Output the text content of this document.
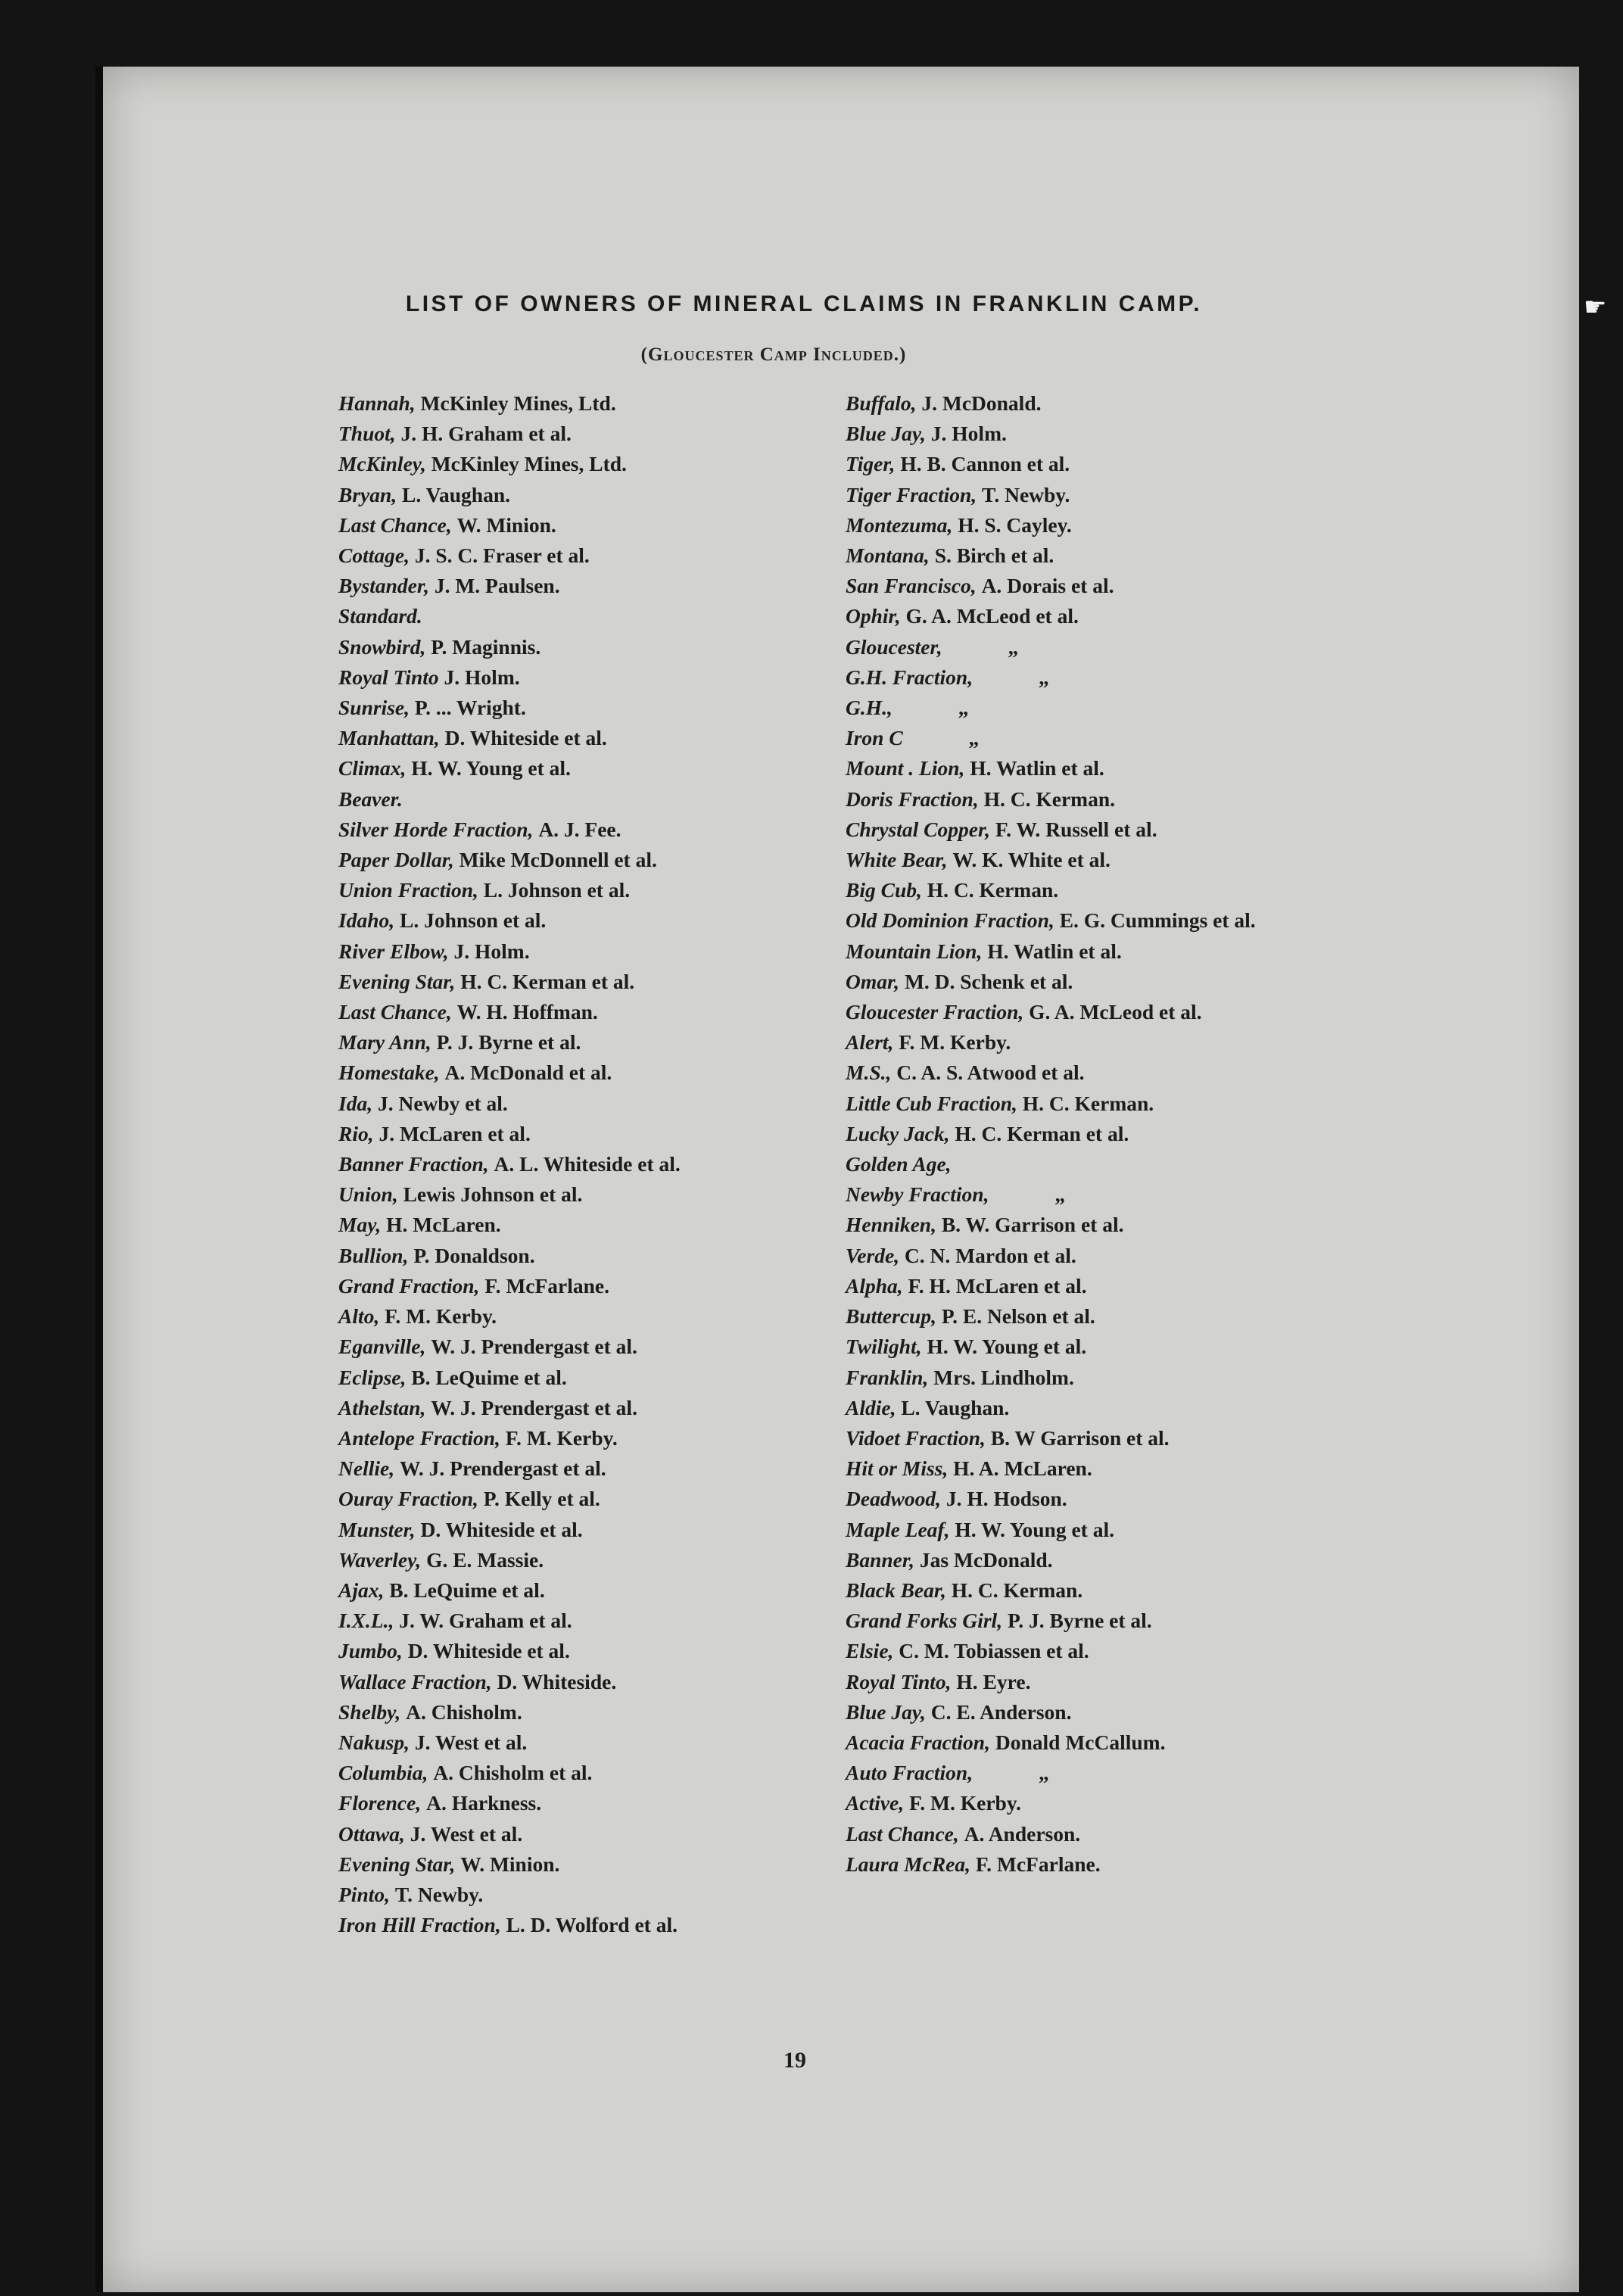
LIST OF OWNERS OF MINERAL CLAIMS IN FRANKLIN CAMP.
(Gloucester Camp Included.)
Hannah, McKinley Mines, Ltd.
Thuot, J. H. Graham et al.
McKinley, McKinley Mines, Ltd.
Bryan, L. Vaughan.
Last Chance, W. Minion.
Cottage, J. S. C. Fraser et al.
Bystander, J. M. Paulsen.
Standard.
Snowbird, P. Maginnis.
Royal Tinto J. Holm.
Sunrise, P. ... Wright.
Manhattan, D. Whiteside et al.
Climax, H. W. Young et al.
Beaver.
Silver Horde Fraction, A. J. Fee.
Paper Dollar, Mike McDonnell et al.
Union Fraction, L. Johnson et al.
Idaho, L. Johnson et al.
River Elbow, J. Holm.
Evening Star, H. C. Kerman et al.
Last Chance, W. H. Hoffman.
Mary Ann, P. J. Byrne et al.
Homestake, A. McDonald et al.
Ida, J. Newby et al.
Rio, J. McLaren et al.
Banner Fraction, A. L. Whiteside et al.
Union, Lewis Johnson et al.
May, H. McLaren.
Bullion, P. Donaldson.
Grand Fraction, F. McFarlane.
Alto, F. M. Kerby.
Eganville, W. J. Prendergast et al.
Eclipse, B. LeQuime et al.
Athelstan, W. J. Prendergast et al.
Antelope Fraction, F. M. Kerby.
Nellie, W. J. Prendergast et al.
Ouray Fraction, P. Kelly et al.
Munster, D. Whiteside et al.
Waverley, G. E. Massie.
Ajax, B. LeQuime et al.
I.X.L., J. W. Graham et al.
Jumbo, D. Whiteside et al.
Wallace Fraction, D. Whiteside.
Shelby, A. Chisholm.
Nakusp, J. West et al.
Columbia, A. Chisholm et al.
Florence, A. Harkness.
Ottawa, J. West et al.
Evening Star, W. Minion.
Pinto, T. Newby.
Iron Hill Fraction, L. D. Wolford et al.
Buffalo, J. McDonald.
Blue Jay, J. Holm.
Tiger, H. B. Cannon et al.
Tiger Fraction, T. Newby.
Montezuma, H. S. Cayley.
Montana, S. Birch et al.
San Francisco, A. Dorais et al.
Ophir, G. A. McLeod et al.
Gloucester,	„
G.H. Fraction,	„
G.H.,	„
Iron C	„
Mount . Lion, H. Watlin et al.
Doris Fraction, H. C. Kerman.
Chrystal Copper, F. W. Russell et al.
White Bear, W. K. White et al.
Big Cub, H. C. Kerman.
Old Dominion Fraction, E. G. Cummings et al.
Mountain Lion, H. Watlin et al.
Omar, M. D. Schenk et al.
Gloucester Fraction, G. A. McLeod et al.
Alert, F. M. Kerby.
M.S., C. A. S. Atwood et al.
Little Cub Fraction, H. C. Kerman.
Lucky Jack, H. C. Kerman et al.
Golden Age,
Newby Fraction,	„
Henniken, B. W. Garrison et al.
Verde, C. N. Mardon et al.
Alpha, F. H. McLaren et al.
Buttercup, P. E. Nelson et al.
Twilight, H. W. Young et al.
Franklin, Mrs. Lindholm.
Aldie, L. Vaughan.
Vidoet Fraction, B. W Garrison et al.
Hit or Miss, H. A. McLaren.
Deadwood, J. H. Hodson.
Maple Leaf, H. W. Young et al.
Banner, Jas McDonald.
Black Bear, H. C. Kerman.
Grand Forks Girl, P. J. Byrne et al.
Elsie, C. M. Tobiassen et al.
Royal Tinto, H. Eyre.
Blue Jay, C. E. Anderson.
Acacia Fraction, Donald McCallum.
Auto Fraction,	„
Active, F. M. Kerby.
Last Chance, A. Anderson.
Laura McRea, F. McFarlane.
19
☛
